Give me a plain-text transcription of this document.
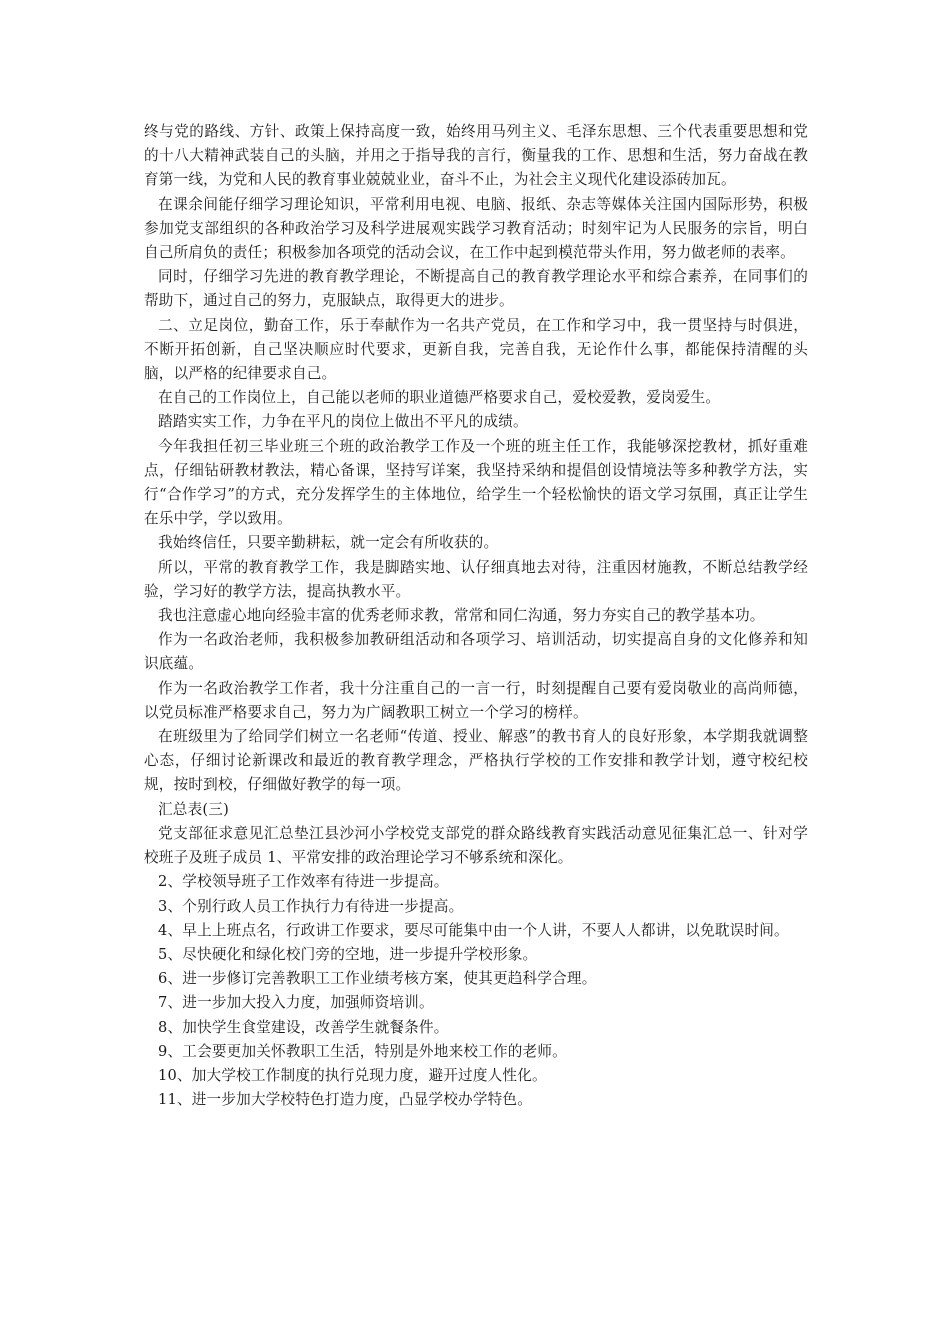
终与党的路线、方针、政策上保持高度一致，始终用马列主义、毛泽东思想、三个代表重要思想和党的十八大精神武装自己的头脑，并用之于指导我的言行，衡量我的工作、思想和生活，努力奋战在教育第一线，为党和人民的教育事业兢兢业业，奋斗不止，为社会主义现代化建设添砖加瓦。

在课余间能仔细学习理论知识，平常利用电视、电脑、报纸、杂志等媒体关注国内国际形势，积极参加党支部组织的各种政治学习及科学进展观实践学习教育活动；时刻牢记为人民服务的宗旨，明白自己所肩负的责任；积极参加各项党的活动会议，在工作中起到模范带头作用，努力做老师的表率。

同时，仔细学习先进的教育教学理论，不断提高自己的教育教学理论水平和综合素养，在同事们的帮助下，通过自己的努力，克服缺点，取得更大的进步。

二、立足岗位，勤奋工作，乐于奉献作为一名共产党员，在工作和学习中，我一贯坚持与时俱进，不断开拓创新，自己坚决顺应时代要求，更新自我，完善自我，无论作什么事，都能保持清醒的头脑，以严格的纪律要求自己。

在自己的工作岗位上，自己能以老师的职业道德严格要求自己，爱校爱教，爱岗爱生。

踏踏实实工作，力争在平凡的岗位上做出不平凡的成绩。

今年我担任初三毕业班三个班的政治教学工作及一个班的班主任工作，我能够深挖教材，抓好重难点，仔细钻研教材教法，精心备课，坚持写详案，我坚持采纳和提倡创设情境法等多种教学方法，实行“合作学习”的方式，充分发挥学生的主体地位，给学生一个轻松愉快的语文学习氛围，真正让学生在乐中学，学以致用。

我始终信任，只要辛勤耕耘，就一定会有所收获的。

所以，平常的教育教学工作，我是脚踏实地、认仔细真地去对待，注重因材施教，不断总结教学经验，学习好的教学方法，提高执教水平。

我也注意虚心地向经验丰富的优秀老师求教，常常和同仁沟通，努力夯实自己的教学基本功。

作为一名政治老师，我积极参加教研组活动和各项学习、培训活动，切实提高自身的文化修养和知识底蕴。

作为一名政治教学工作者，我十分注重自己的一言一行，时刻提醒自己要有爱岗敬业的高尚师德，以党员标准严格要求自己，努力为广阔教职工树立一个学习的榜样。

在班级里为了给同学们树立一名老师“传道、授业、解惑”的教书育人的良好形象，本学期我就调整心态，仔细讨论新课改和最近的教育教学理念，严格执行学校的工作安排和教学计划，遵守校纪校规，按时到校，仔细做好教学的每一项。

汇总表(三)

党支部征求意见汇总垫江县沙河小学校党支部党的群众路线教育实践活动意见征集汇总一、针对学校班子及班子成员 1、平常安排的政治理论学习不够系统和深化。

2、学校领导班子工作效率有待进一步提高。

3、个别行政人员工作执行力有待进一步提高。

4、早上上班点名，行政讲工作要求，要尽可能集中由一个人讲，不要人人都讲，以免耽误时间。

5、尽快硬化和绿化校门旁的空地，进一步提升学校形象。

6、进一步修订完善教职工工作业绩考核方案，使其更趋科学合理。

7、进一步加大投入力度，加强师资培训。

8、加快学生食堂建设，改善学生就餐条件。

9、工会要更加关怀教职工生活，特别是外地来校工作的老师。

10、加大学校工作制度的执行兑现力度，避开过度人性化。

11、进一步加大学校特色打造力度，凸显学校办学特色。
